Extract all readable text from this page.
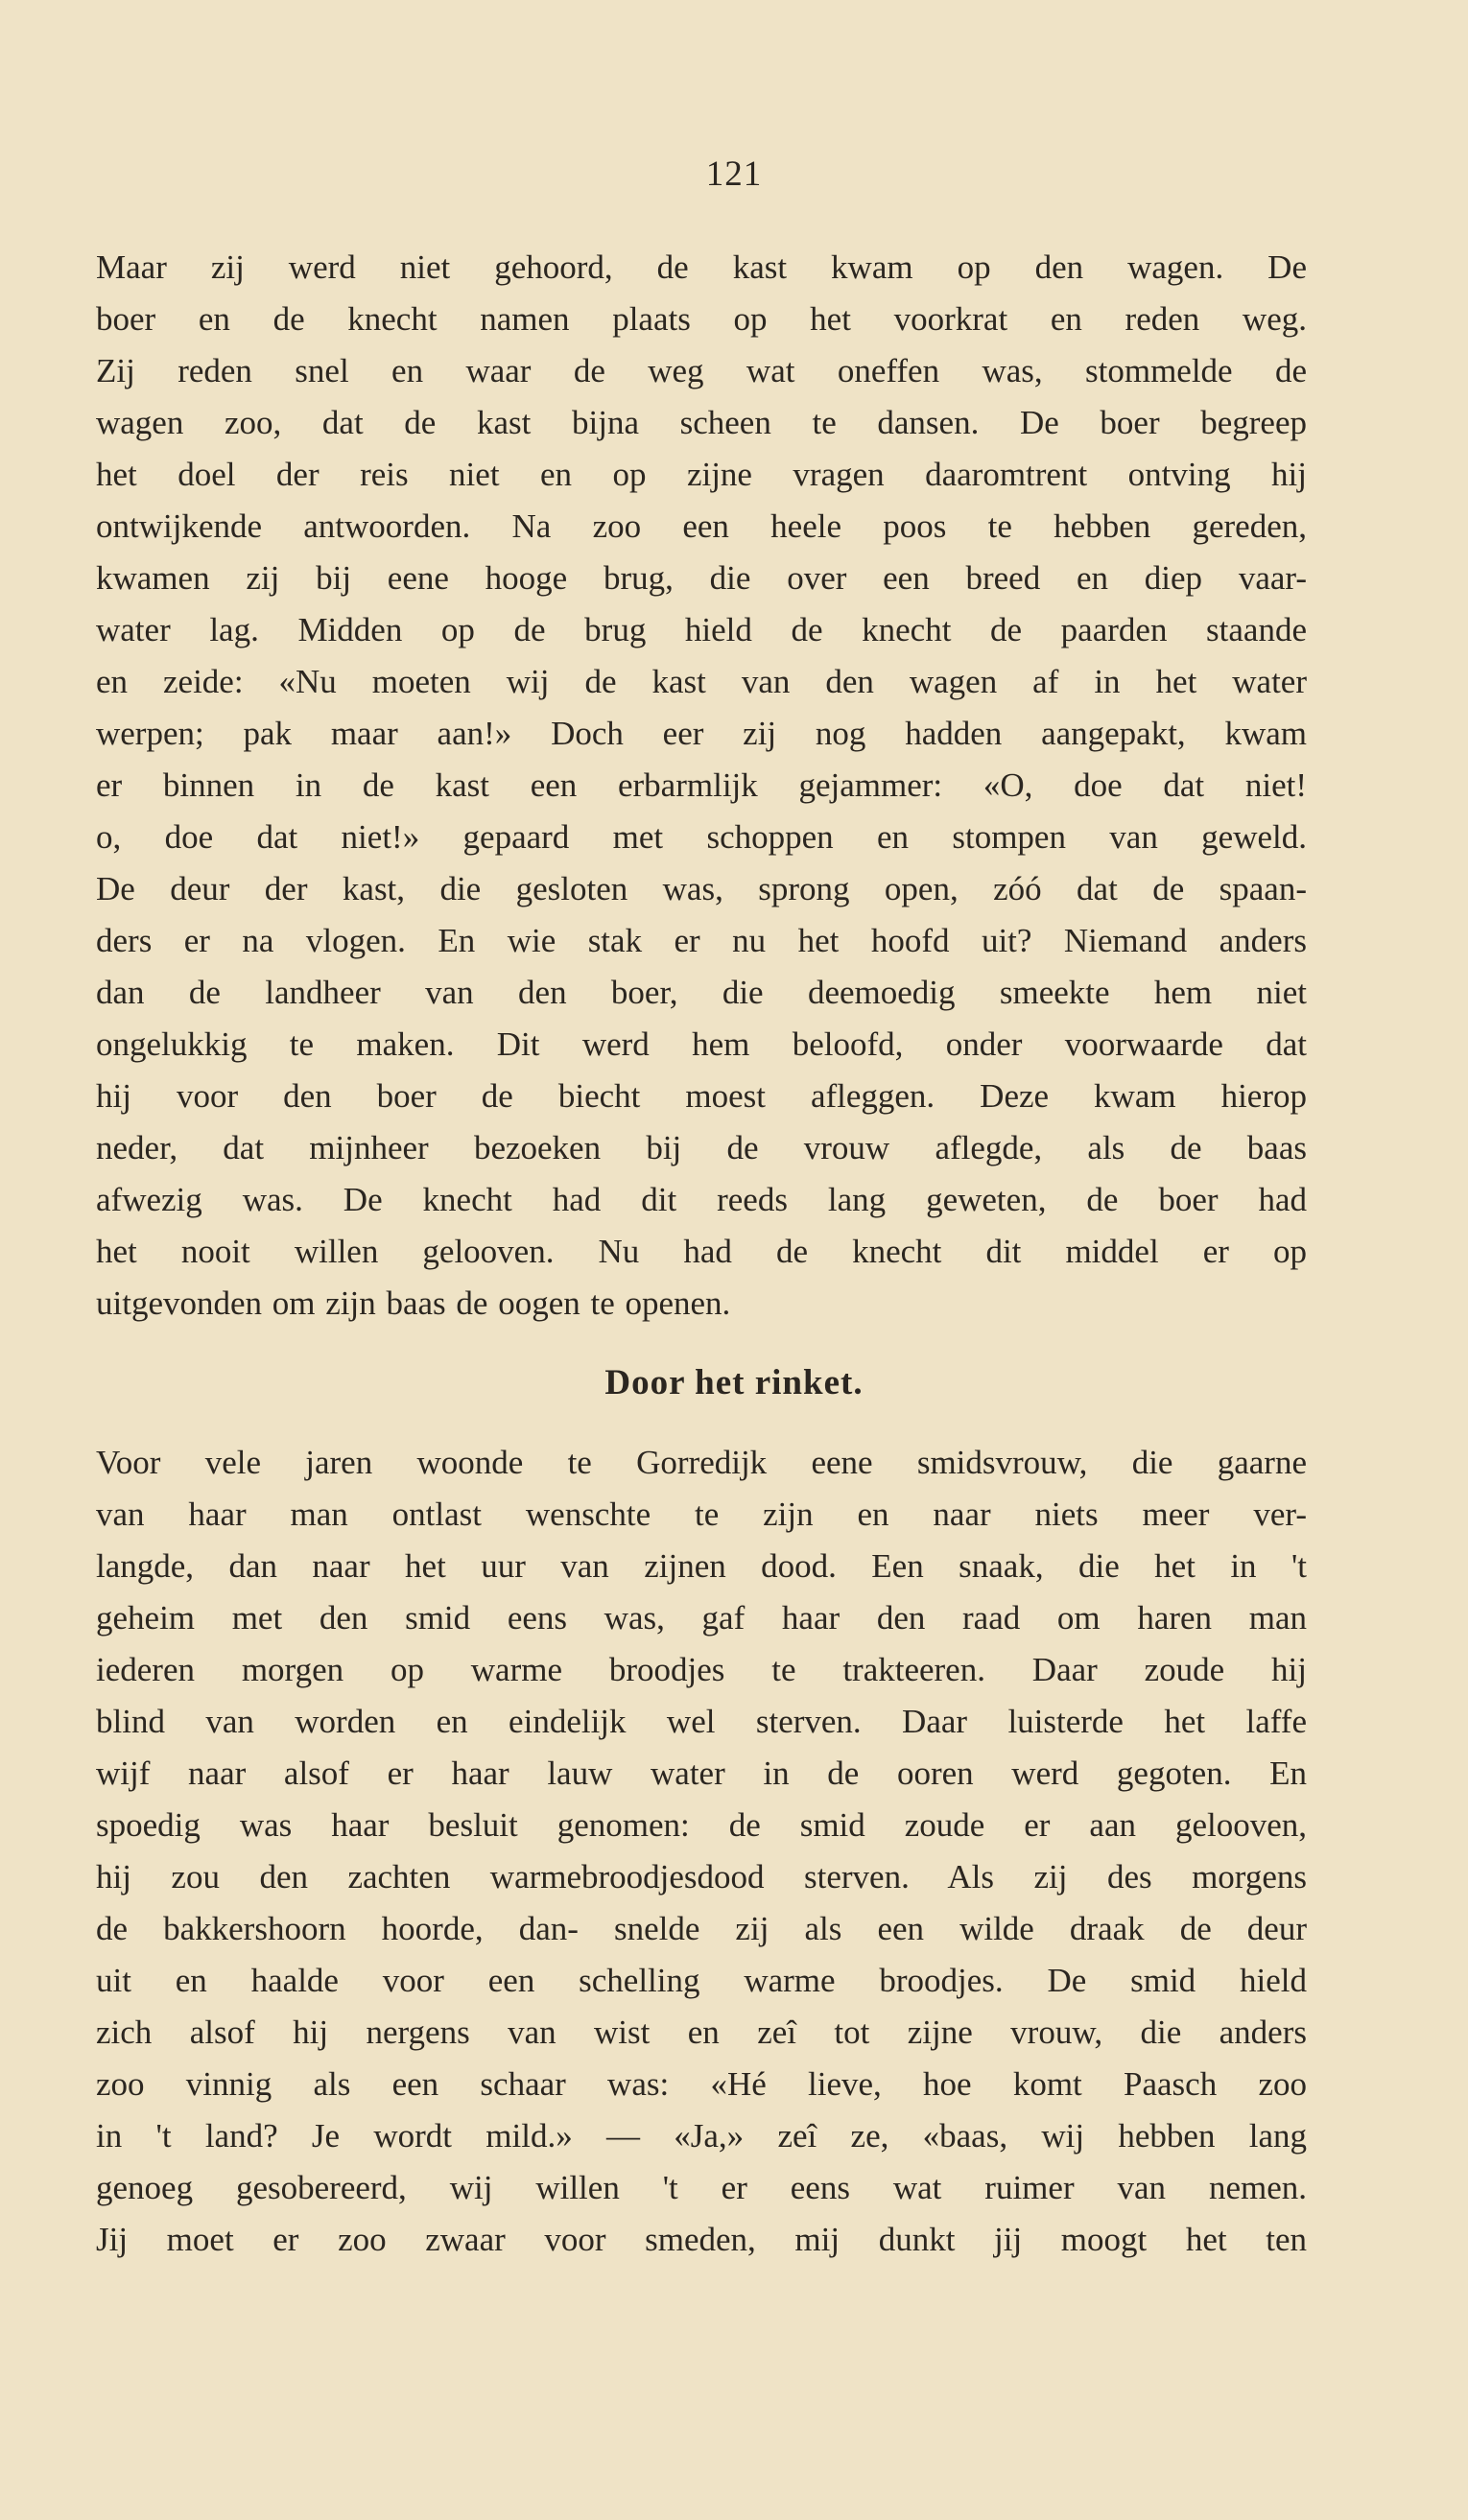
121
Maar zij werd niet gehoord, de kast kwam op den wagen. De
boer en de knecht namen plaats op het voorkrat en reden weg.
Zij reden snel en waar de weg wat oneffen was, stommelde de
wagen zoo, dat de kast bijna scheen te dansen. De boer begreep
het doel der reis niet en op zijne vragen daaromtrent ontving hij
ontwijkende antwoorden. Na zoo een heele poos te hebben gereden,
kwamen zij bij eene hooge brug, die over een breed en diep vaar-
water lag. Midden op de brug hield de knecht de paarden staande
en zeide: «Nu moeten wij de kast van den wagen af in het water
werpen; pak maar aan!» Doch eer zij nog hadden aangepakt, kwam
er binnen in de kast een erbarmlijk gejammer: «O, doe dat niet!
o, doe dat niet!» gepaard met schoppen en stompen van geweld.
De deur der kast, die gesloten was, sprong open, zóó dat de spaan-
ders er na vlogen. En wie stak er nu het hoofd uit? Niemand anders
dan de landheer van den boer, die deemoedig smeekte hem niet
ongelukkig te maken. Dit werd hem beloofd, onder voorwaarde dat
hij voor den boer de biecht moest afleggen. Deze kwam hierop
neder, dat mijnheer bezoeken bij de vrouw aflegde, als de baas
afwezig was. De knecht had dit reeds lang geweten, de boer had
het nooit willen gelooven. Nu had de knecht dit middel er op
uitgevonden om zijn baas de oogen te openen.
Door het rinket.
Voor vele jaren woonde te Gorredijk eene smidsvrouw, die gaarne
van haar man ontlast wenschte te zijn en naar niets meer ver-
langde, dan naar het uur van zijnen dood. Een snaak, die het in 't
geheim met den smid eens was, gaf haar den raad om haren man
iederen morgen op warme broodjes te trakteeren. Daar zoude hij
blind van worden en eindelijk wel sterven. Daar luisterde het laffe
wijf naar alsof er haar lauw water in de ooren werd gegoten. En
spoedig was haar besluit genomen: de smid zoude er aan gelooven,
hij zou den zachten warmebroodjesdood sterven. Als zij des morgens
de bakkershoorn hoorde, dan- snelde zij als een wilde draak de deur
uit en haalde voor een schelling warme broodjes. De smid hield
zich alsof hij nergens van wist en zeî tot zijne vrouw, die anders
zoo vinnig als een schaar was: «Hé lieve, hoe komt Paasch zoo
in 't land? Je wordt mild.» — «Ja,» zeî ze, «baas, wij hebben lang
genoeg gesobereerd, wij willen 't er eens wat ruimer van nemen.
Jij moet er zoo zwaar voor smeden, mij dunkt jij moogt het ten
